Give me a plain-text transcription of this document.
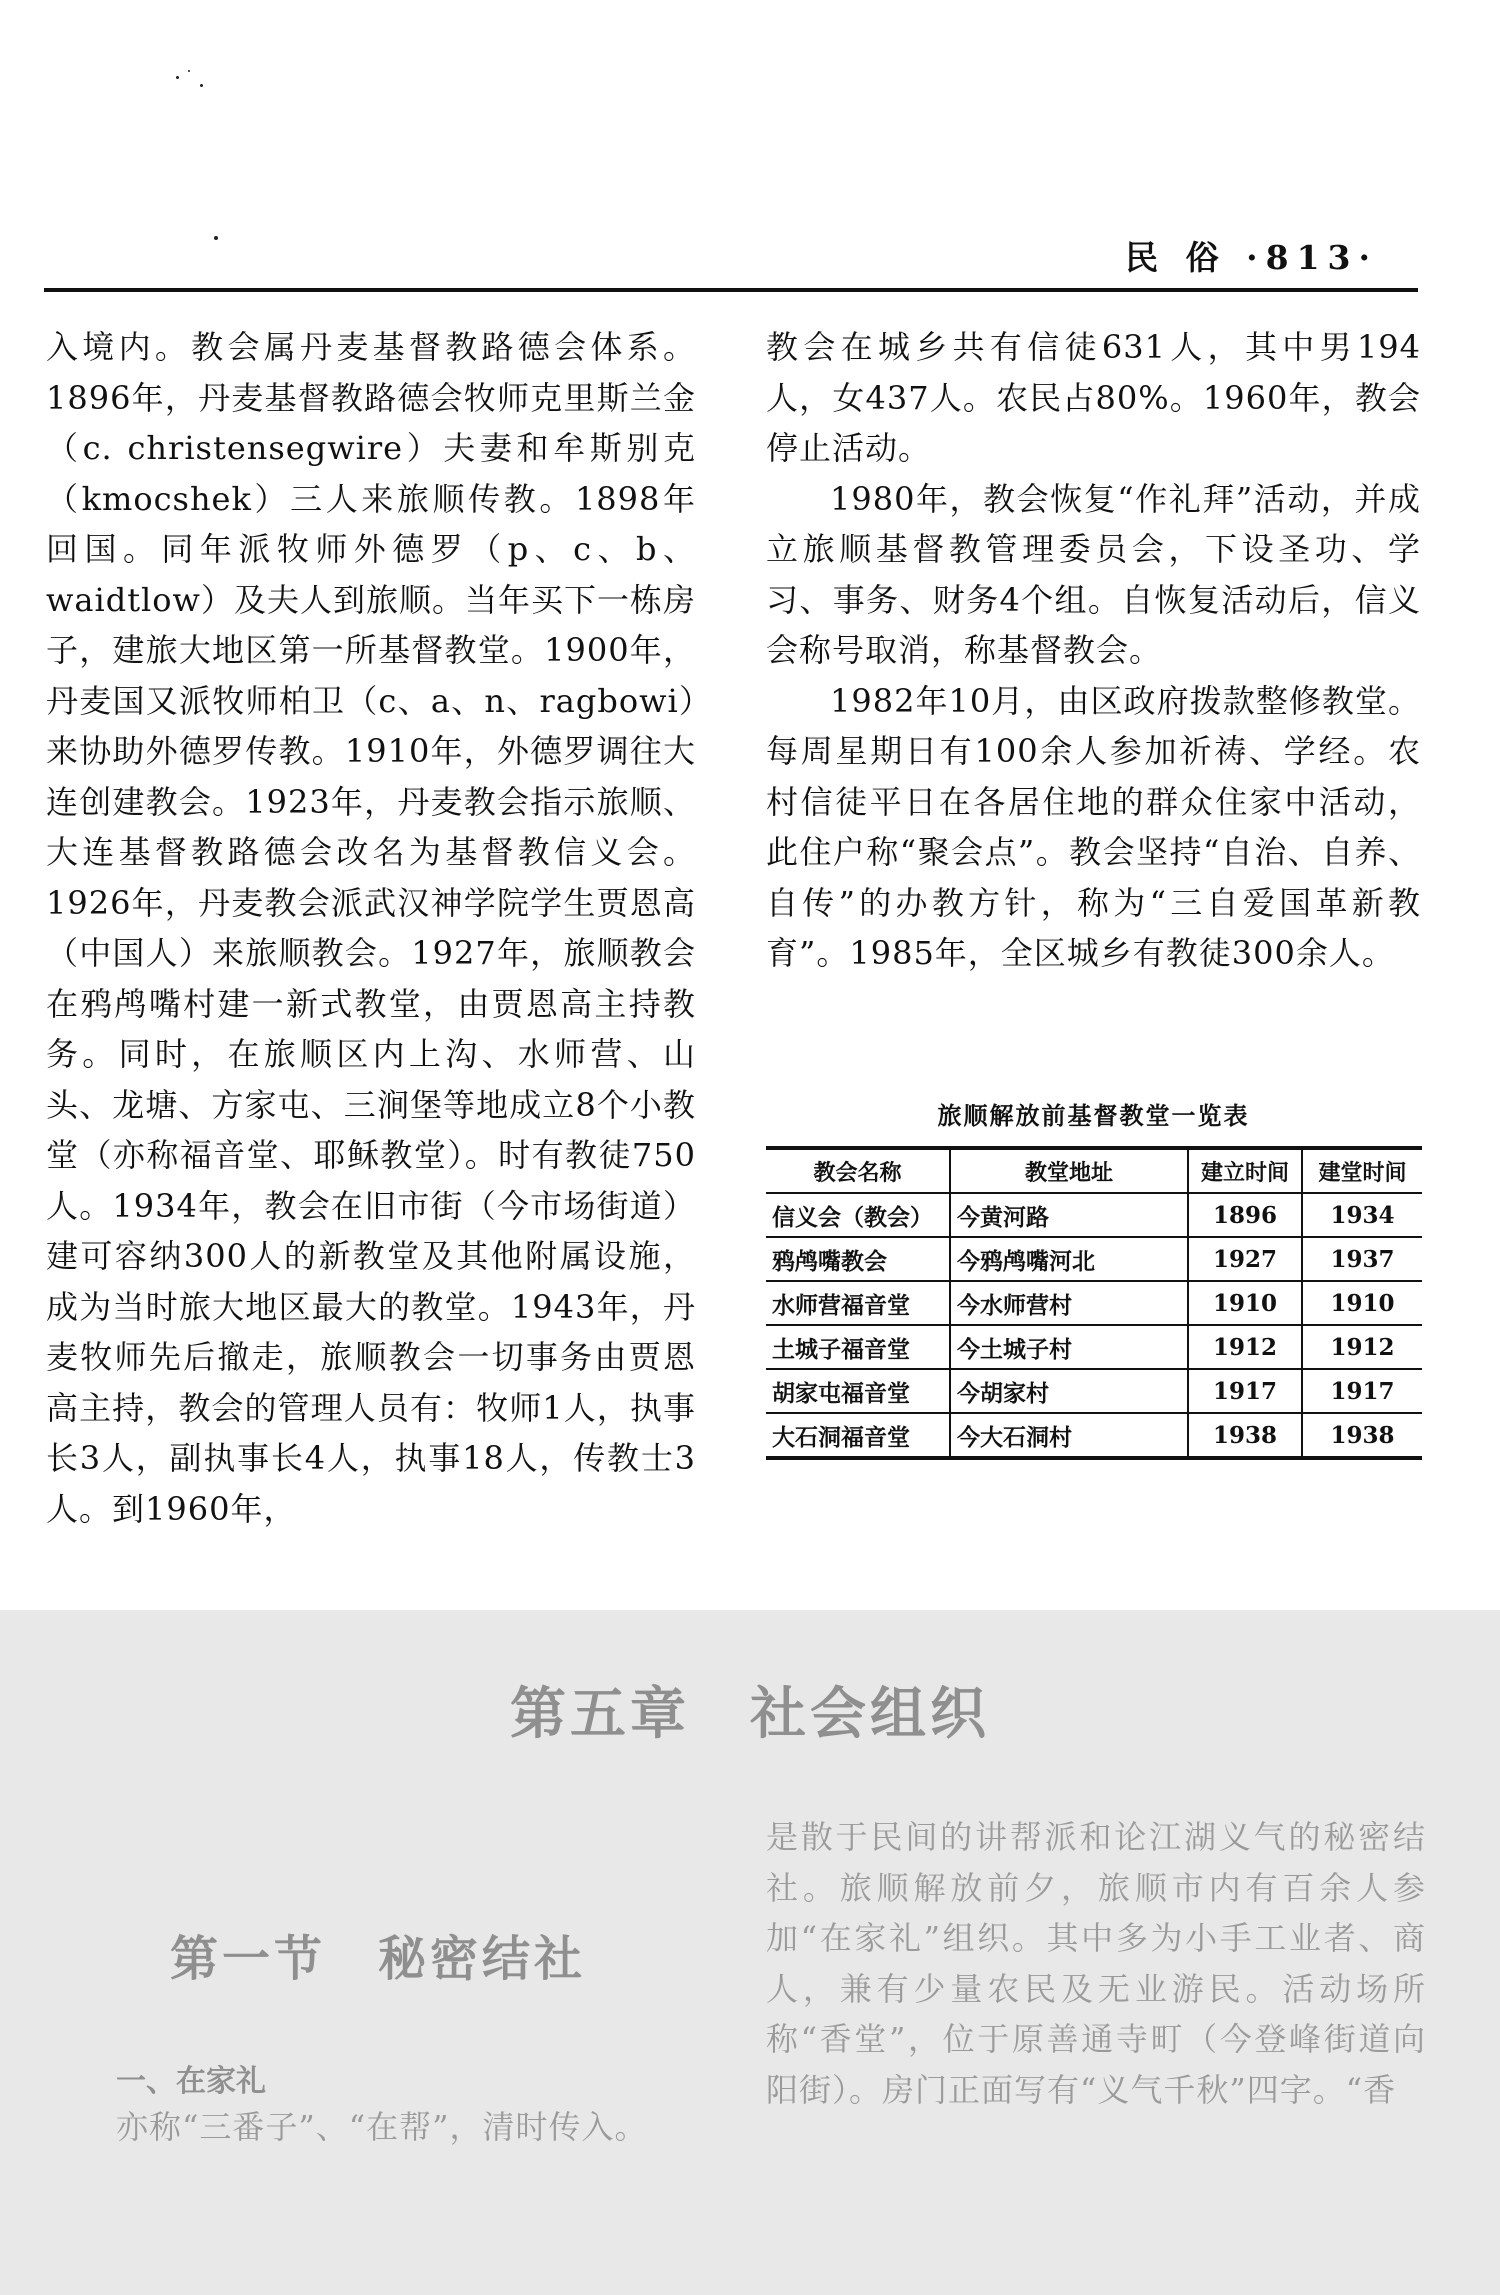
民 俗 ·813·

入境内。教会属丹麦基督教路德会体系。1896年，丹麦基督教路德会牧师克里斯兰金（c. christensegwire）夫妻和牟斯别克（kmocshek）三人来旅顺传教。1898年回国。同年派牧师外德罗（p、c、b、waidtlow）及夫人到旅顺。当年买下一栋房子，建旅大地区第一所基督教堂。1900年，丹麦国又派牧师柏卫（c、a、n、ragbowi）来协助外德罗传教。1910年，外德罗调往大连创建教会。1923年，丹麦教会指示旅顺、大连基督教路德会改名为基督教信义会。1926年，丹麦教会派武汉神学院学生贾恩高（中国人）来旅顺教会。1927年，旅顺教会在鸦鸬嘴村建一新式教堂，由贾恩高主持教务。同时，在旅顺区内上沟、水师营、山头、龙塘、方家屯、三涧堡等地成立8个小教堂（亦称福音堂、耶稣教堂）。时有教徒750人。1934年，教会在旧市街（今市场街道）建可容纳300人的新教堂及其他附属设施，成为当时旅大地区最大的教堂。1943年，丹麦牧师先后撤走，旅顺教会一切事务由贾恩高主持，教会的管理人员有：牧师1人，执事长3人，副执事长4人，执事18人，传教士3人。到1960年，

教会在城乡共有信徒631人，其中男194人，女437人。农民占80%。1960年，教会停止活动。

1980年，教会恢复“作礼拜”活动，并成立旅顺基督教管理委员会，下设圣功、学习、事务、财务4个组。自恢复活动后，信义会称号取消，称基督教会。

1982年10月，由区政府拨款整修教堂。每周星期日有100余人参加祈祷、学经。农村信徒平日在各居住地的群众住家中活动，此住户称“聚会点”。教会坚持“自治、自养、自传”的办教方针，称为“三自爱国革新教育”。1985年，全区城乡有教徒300余人。

旅顺解放前基督教堂一览表
教会名称	教堂地址	建立时间	建堂时间
信义会（教会）	今黄河路	1896	1934
鸦鸬嘴教会	今鸦鸬嘴河北	1927	1937
水师营福音堂	今水师营村	1910	1910
土城子福音堂	今土城子村	1912	1912
胡家屯福音堂	今胡家村	1917	1917
大石洞福音堂	今大石洞村	1938	1938
第五章　社会组织
第一节　秘密结社
一、在家礼

亦称“三番子”、“在帮”，清时传入。

是散于民间的讲帮派和论江湖义气的秘密结社。旅顺解放前夕，旅顺市内有百余人参加“在家礼”组织。其中多为小手工业者、商人，兼有少量农民及无业游民。活动场所称“香堂”，位于原善通寺町（今登峰街道向阳街）。房门正面写有“义气千秋”四字。“香
